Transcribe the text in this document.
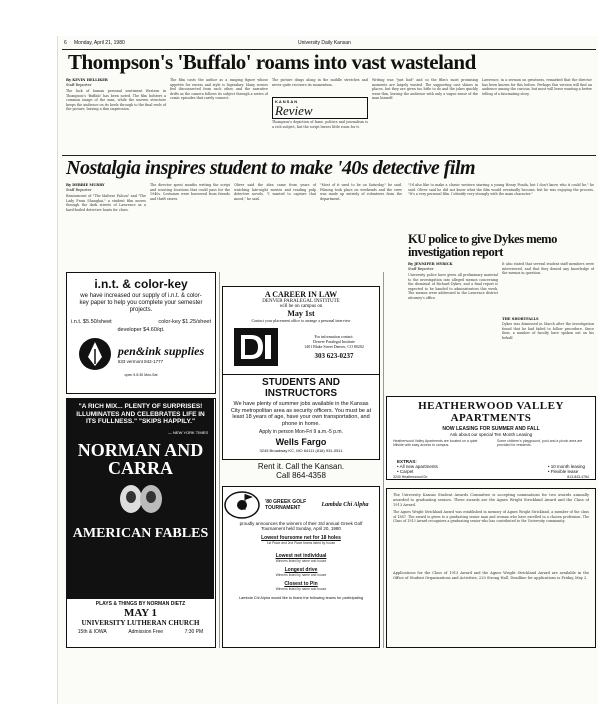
6 Monday, April 21, 1980	University Daily Kansan
Thompson's 'Buffalo' roams into vast wasteland
By KEVIN HELLIKER
Staff Reporter
The lack of human personal sentiment Western in Thompson's 'Buffalo' has been noted. The film bolsters a common image of the man, while the uneven structure keeps the audience on its heels through to the final reels of the picture, leaving a thin impression.
The film casts the author as a ranging figure whose appetite for excess and style is legendary. Many scenes feel disconnected from each other, and the narrative drifts as the camera follows its subject through a series of comic episodes that rarely connect.
The picture drags along in the middle stretches and never quite recovers its momentum.
KANSAN
Review
Thompson's depiction of fame, politics and journalism is a rich subject, but the script leaves little room for it.
Writing was "just bad" and so the film's most promising moments are largely wasted. The supporting cast shines in places, but they are given too little to do and the jokes quickly wear thin, leaving the audience with only a vague sense of the man himself.
Lawrence, in a sermon on greatness, remarked that the director has been known for this before. Perhaps this version will find an audience among the curious, but most will leave wanting a better telling of a fascinating story.
Nostalgia inspires student to make '40s detective film
By DEBBIE MURRY
Staff Reporter
Reminiscent of "The Maltese Falcon" and "The Lady From Shanghai," a student film moves through the dark streets of Lawrence as a hard-boiled detective hunts for clues.
The director spent months writing the script and scouting locations that could pass for the 1940s. Costumes were borrowed from friends and thrift stores.
Oliver said the idea came from years of watching late-night movies and reading pulp detective novels. "I wanted to capture that mood," he said.
"Most of it used to be on Saturday," he said. Filming took place on weekends and the crew was made up entirely of volunteers from the department.
"I'd also like to make a classic western starring a young Henry Fonda, but I don't know who it could be," he said. Oliver said he did not know what the film would eventually become, but he was enjoying the process. "It's a very personal film. I identify very strongly with the main character."
KU police to give Dykes memo investigation report
By JENNIFER MYRICK
Staff Reporter
University police have given all preliminary material to the investigation into alleged memos concerning the dismissal of Richard Dykes, and a final report is expected to be handed to administrators this week. The memos were addressed to the Lawrence district attorney's office.
It also stated that several student staff members were interviewed, and that they denied any knowledge of the memos in question.
THE SHORTFALLS
Dykes was dismissed in March after the investigation found that he had failed to follow procedure. Since then, a number of faculty have spoken out on his behalf.
i.n.t. & color-key
we have increased our supply of i.n.t. & color-key paper to help you complete your semester projects.
i.n.t. $5.50/sheet	color-key $1.25/sheet
developer $4.60/qt.
pen&ink supplies
633 vermont 842-1777
open 9-5:30 Mon-Sat
A CAREER IN LAW
DENVER PARALEGAL INSTITUTE
will be on campus on
May 1st
Contact your placement office to arrange a personal interview
For information contact:
Denver Paralegal Institute
1401 Blake Street Denver, CO 80202
303 623-0237
STUDENTS AND INSTRUCTORS
We have plenty of summer jobs available in the Kansas City metropolitan area as security officers. You must be at least 18 years of age, have your own transportation, and phone in home.
Apply in person Mon-Fri 9 a.m.-5 p.m.
Wells Fargo
3245 Broadway KC, MO 64111 (816) 931-0511
Rent it. Call the Kansan.
Call 864-4358
'80 GREEK GOLF TOURNAMENT	Lambda Chi Alpha
proudly announces the winners of their 3rd annual Greek Golf Tournament held Sunday, April 20, 1980
Lowest foursome net for 18 holes
1st Place and 2nd Place teams listed by house
Lowest net individual
Winners listed by name and house
Longest drive
Winners listed by name and house
Closest to Pin
Winners listed by name and house
Lambda Chi Alpha would like to thank the following teams for participating
"A RICH MIX... PLENTY OF SURPRISES! ILLUMINATES AND CELEBRATES LIFE IN ITS FULLNESS." "SKIPS HAPPILY."
— NEW YORK TIMES
NORMAN AND CARRA
AMERICAN FABLES
PLAYS & THINGS BY NORMAN DIETZ
MAY 1
UNIVERSITY LUTHERAN CHURCH
15th & IOWA	Admission Free	7:30 PM
HEATHERWOOD VALLEY APARTMENTS
NOW LEASING FOR SUMMER AND FALL
Ask about our special Ten Month Leasing
Heatherwood Valley Apartments are located on a quiet hillside with easy access to campus.
Some children's playground, pool and a picnic area are provided for residents.
EXTRAS:
• All new apartments
• Carpet

• 10 month leasing
• Flexible lease
3240 Heatherwood Dr.	813-843-4784
The University Kansas Student Awards Committee is accepting nominations for two awards annually awarded to graduating seniors. These awards are the Agnes Wright Strickland Award and the Class of 1913 Award.
The Agnes Wright Strickland Award was established in memory of Agnes Wright Strickland, a member of the class of 1887. The award is given to a graduating senior man and woman who have excelled in a chosen profession. The Class of 1913 Award recognizes a graduating senior who has contributed to the University community.
Applications for the Class of 1913 Award and the Agnes Wright Strickland Award are available in the Office of Student Organizations and Activities, 220 Strong Hall. Deadline for applications is Friday, May 2.
